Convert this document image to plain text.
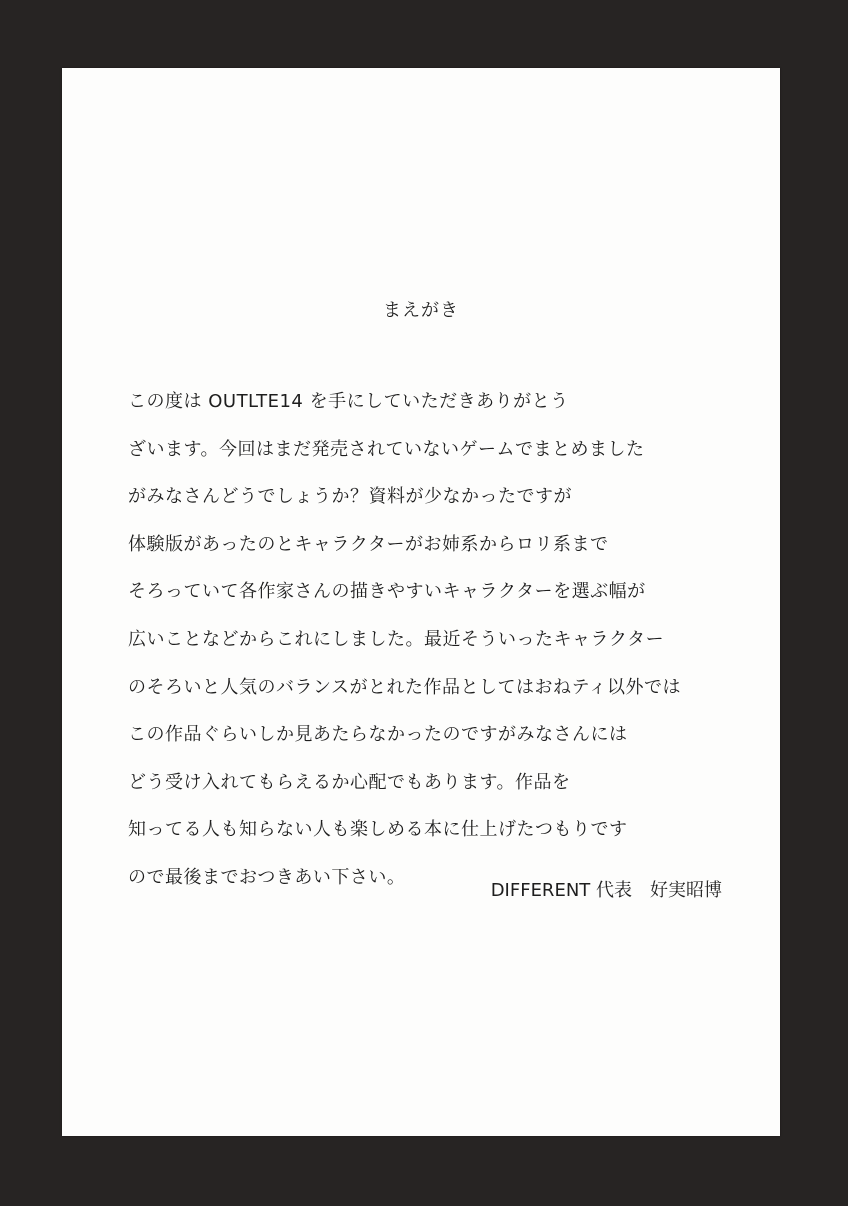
まえがき
この度は OUTLTE14 を手にしていただきありがとう
ざいます。今回はまだ発売されていないゲームでまとめました
がみなさんどうでしょうか？資料が少なかったですが
体験版があったのとキャラクターがお姉系からロリ系まで
そろっていて各作家さんの描きやすいキャラクターを選ぶ幅が
広いことなどからこれにしました。最近そういったキャラクター
のそろいと人気のバランスがとれた作品としてはおねティ以外では
この作品ぐらいしか見あたらなかったのですがみなさんには
どう受け入れてもらえるか心配でもあります。作品を
知ってる人も知らない人も楽しめる本に仕上げたつもりです
ので最後までおつきあい下さい。
DIFFERENT 代表　好実昭博
